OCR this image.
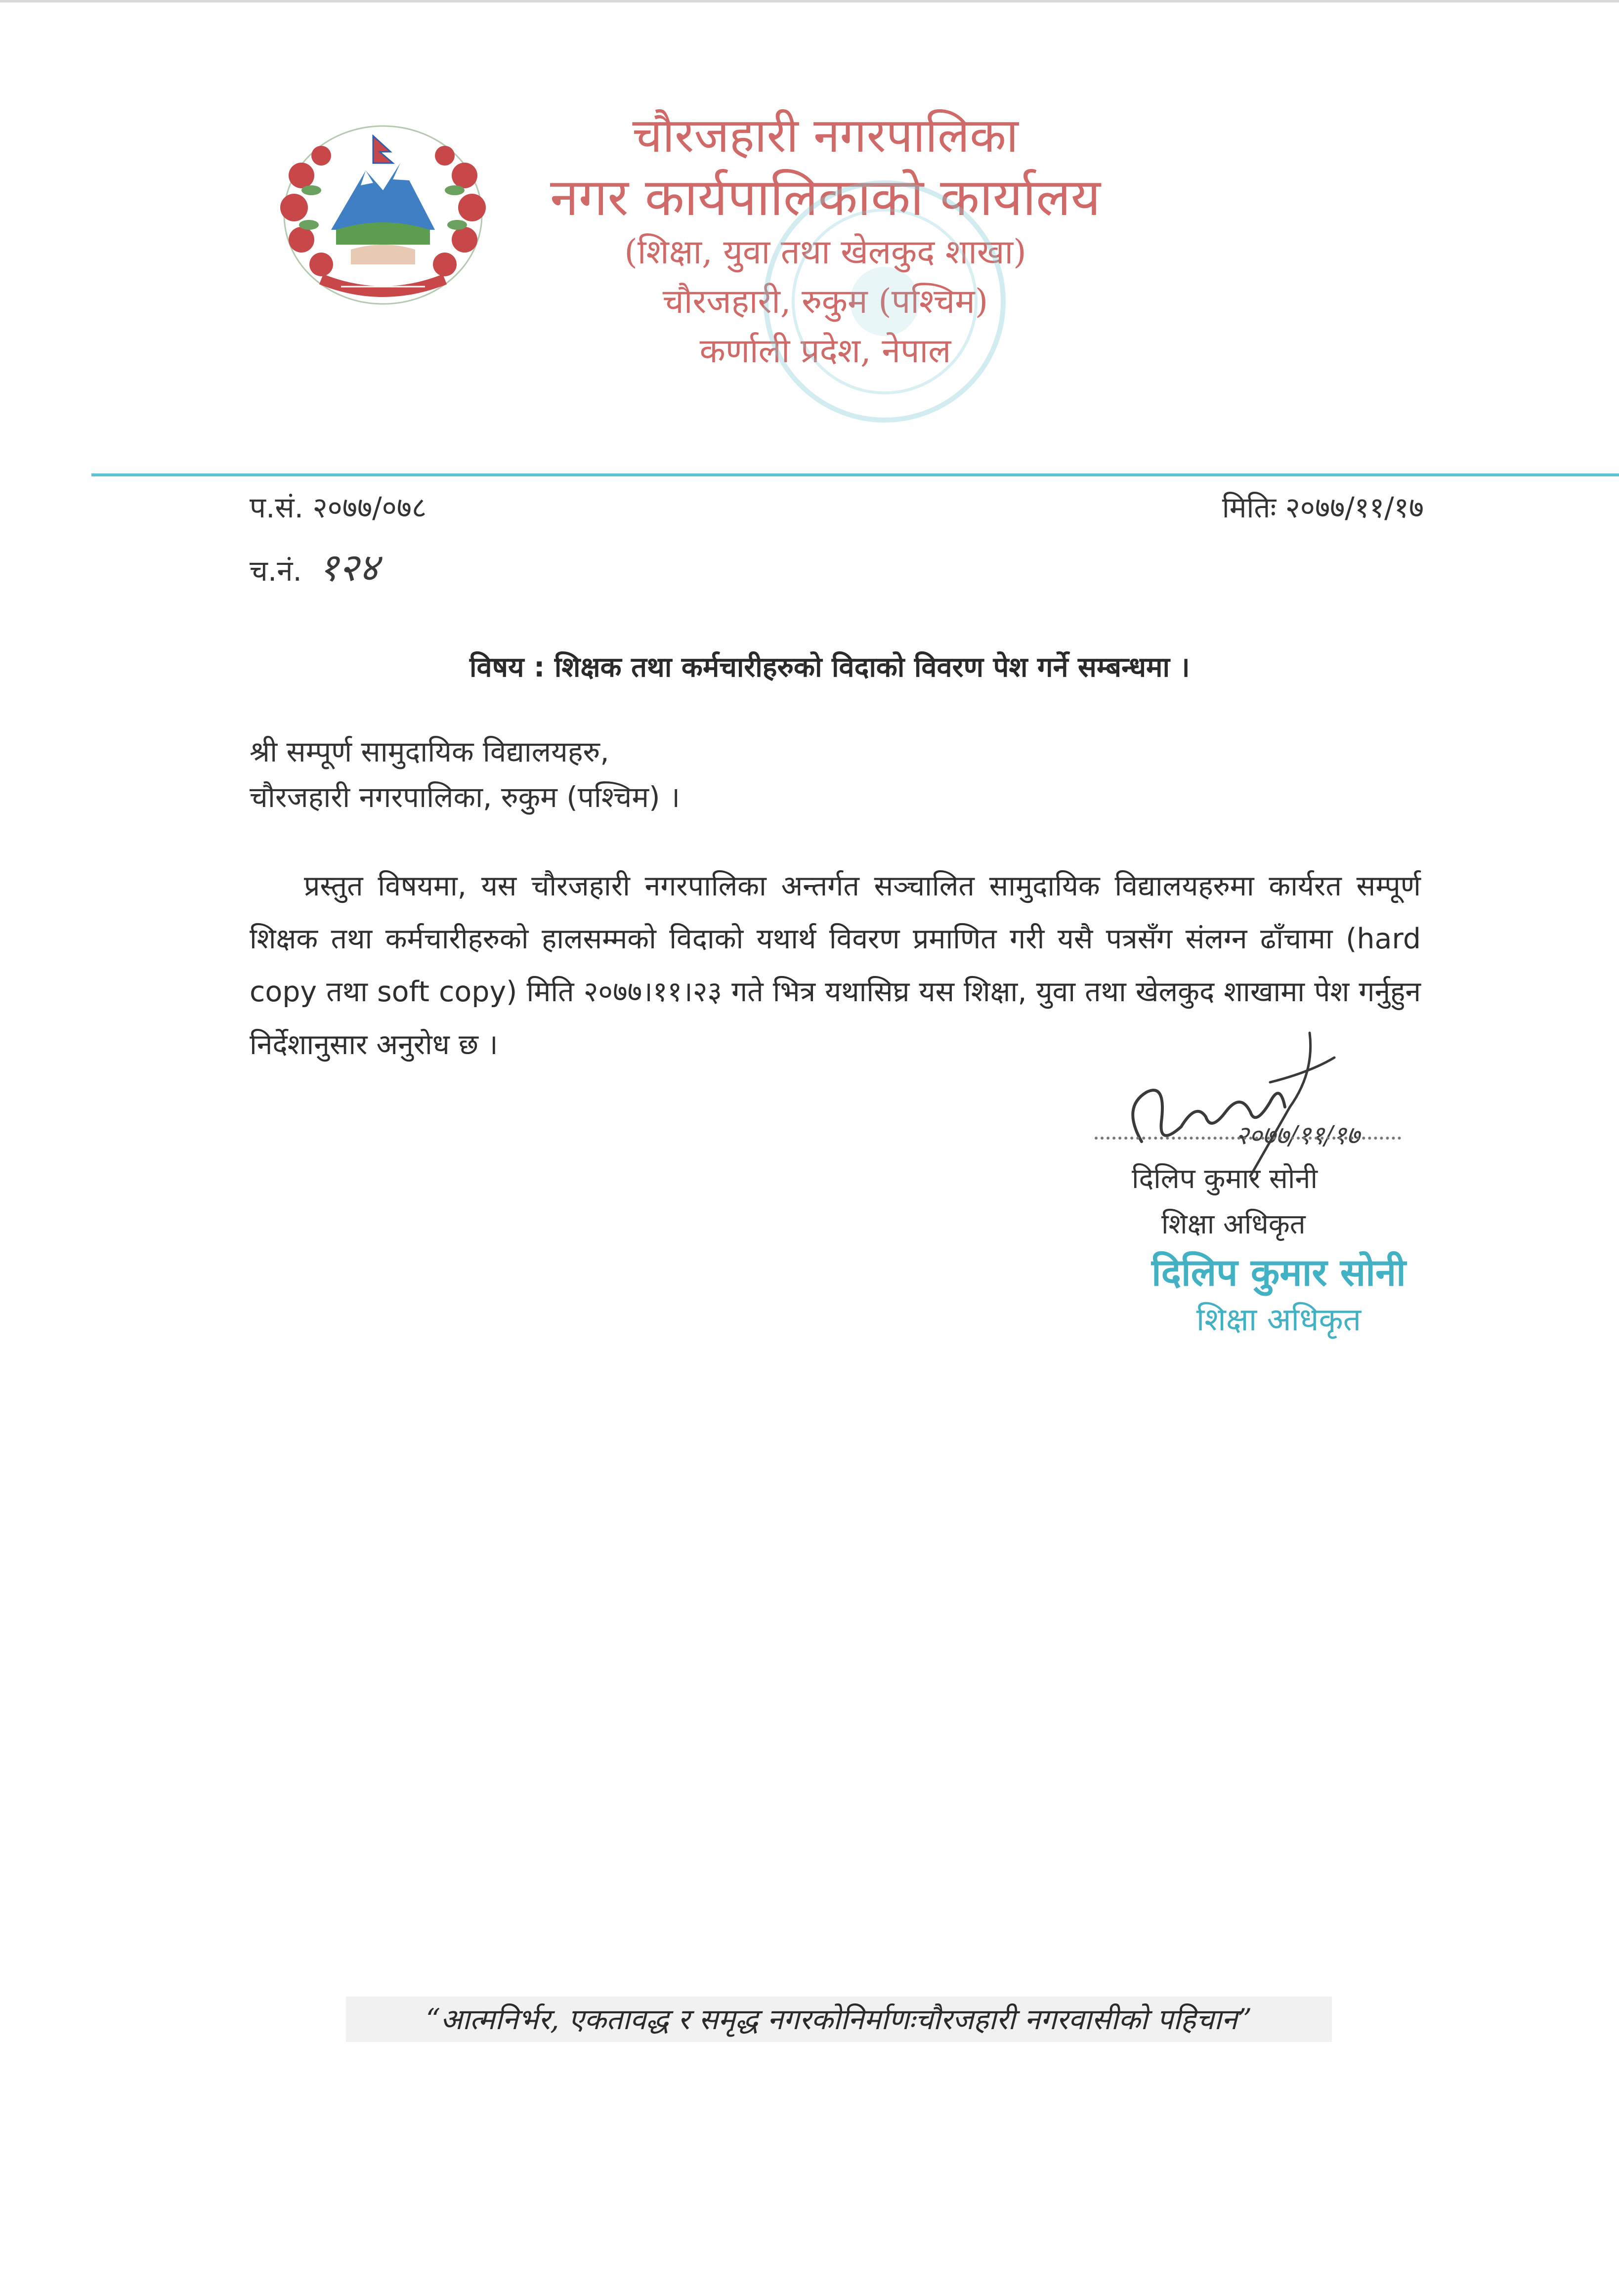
चौरजहारी नगरपालिका
नगर कार्यपालिकाको कार्यालय
(शिक्षा, युवा तथा खेलकुद शाखा)
चौरजहारी, रुकुम (पश्चिम)
कर्णाली प्रदेश, नेपाल
प.सं. २०७७/०७८
च.नं. १२४
मितिः २०७७/११/१७
विषय : शिक्षक तथा कर्मचारीहरुको विदाको विवरण पेश गर्ने सम्बन्धमा ।
श्री सम्पूर्ण सामुदायिक विद्यालयहरु,
चौरजहारी नगरपालिका, रुकुम (पश्चिम) ।
प्रस्तुत विषयमा, यस चौरजहारी नगरपालिका अन्तर्गत सञ्चालित सामुदायिक विद्यालयहरुमा कार्यरत सम्पूर्ण शिक्षक तथा कर्मचारीहरुको हालसम्मको विदाको यथार्थ विवरण प्रमाणित गरी यसै पत्रसँग संलग्न ढाँचामा (hard copy तथा soft copy) मिति २०७७।११।२३ गते भित्र यथासिघ्र यस शिक्षा, युवा तथा खेलकुद शाखामा पेश गर्नुहुन निर्देशानुसार अनुरोध छ ।
२०७७/११/१७
दिलिप कुमार सोनी
शिक्षा अधिकृत
दिलिप कुमार सोनी
शिक्षा अधिकृत
“आत्मनिर्भर, एकतावद्ध र समृद्ध नगरकोनिर्माणःचौरजहारी नगरवासीको पहिचान”
